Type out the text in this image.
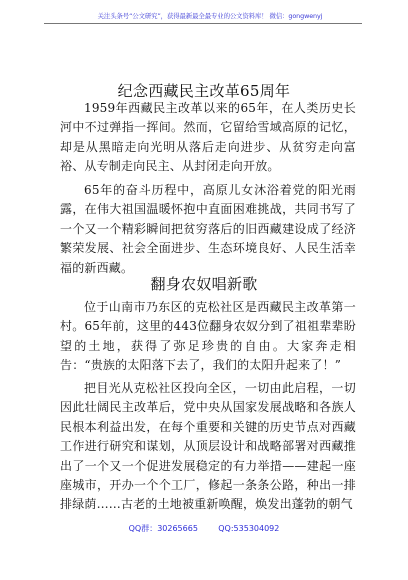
关注头条号“公文研究”，获得最新最全最专业的公文资料库！ 微信：gongwenyj
纪念西藏民主改革65周年
1959年西藏民主改革以来的65年，在人类历史长河中不过弹指一挥间。然而，它留给雪域高原的记忆，却是从黑暗走向光明从落后走向进步、从贫穷走向富裕、从专制走向民主、从封闭走向开放。
65年的奋斗历程中，高原儿女沐浴着党的阳光雨露，在伟大祖国温暖怀抱中直面困难挑战，共同书写了一个又一个精彩瞬间把贫穷落后的旧西藏建设成了经济繁荣发展、社会全面进步、生态环境良好、人民生活幸福的新西藏。
翻身农奴唱新歌
位于山南市乃东区的克松社区是西藏民主改革第一村。65年前，这里的443位翻身农奴分到了祖祖辈辈盼望的土地，获得了弥足珍贵的自由。大家奔走相告：“贵族的太阳落下去了，我们的太阳升起来了！”
把目光从克松社区投向全区，一切由此启程，一切因此壮阔民主改革后，党中央从国家发展战略和各族人民根本利益出发，在每个重要和关键的历史节点对西藏工作进行研究和谋划，从顶层设计和战略部署对西藏推出了一个又一个促进发展稳定的有力举措——建起一座座城市，开办一个个工厂，修起一条条公路，种出一排排绿荫……古老的土地被重新唤醒，焕发出蓬勃的朝气
QQ群：30265665        QQ:535304092
